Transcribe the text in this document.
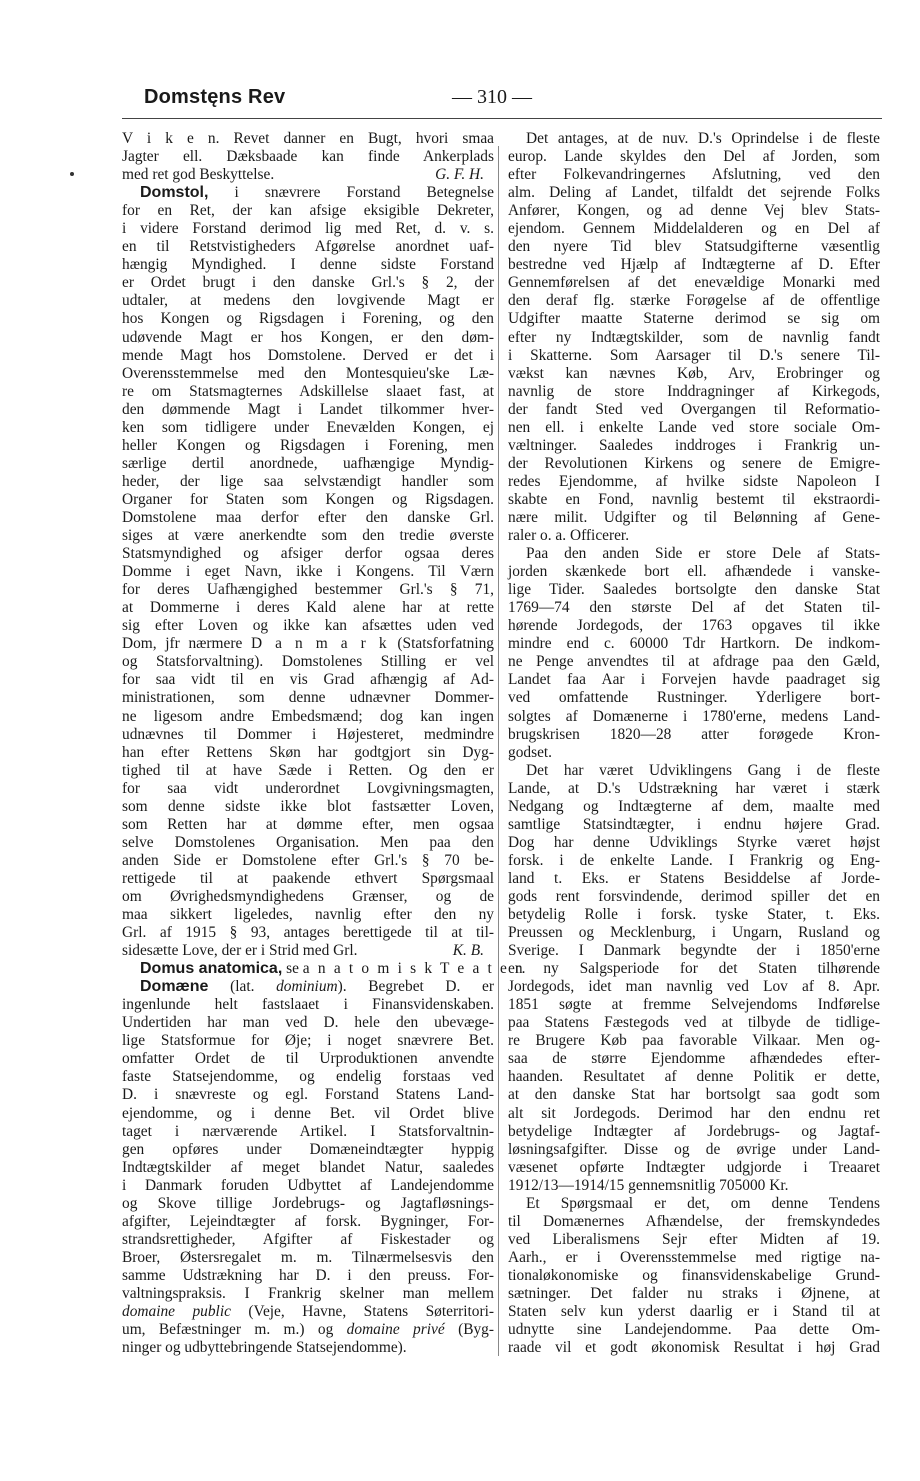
Domstęns Rev	— 310 —
V i k e n. Revet danner en Bugt, hvori smaa
Jagter ell. Dæksbaade kan finde Ankerplads
med ret god Beskyttelse.	G. F. H.
Domstol, i snævrere Forstand Betegnelse
for en Ret, der kan afsige eksigible Dekreter,
i videre Forstand derimod lig med Ret, d. v. s.
en til Retstvistigheders Afgørelse anordnet uaf-
hængig Myndighed. I denne sidste Forstand
er Ordet brugt i den danske Grl.'s § 2, der
udtaler, at medens den lovgivende Magt er
hos Kongen og Rigsdagen i Forening, og den
udøvende Magt er hos Kongen, er den døm-
mende Magt hos Domstolene. Derved er det i
Overensstemmelse med den Montesquieu'ske Læ-
re om Statsmagternes Adskillelse slaaet fast, at
den dømmende Magt i Landet tilkommer hver-
ken som tidligere under Enevælden Kongen, ej
heller Kongen og Rigsdagen i Forening, men
særlige dertil anordnede, uafhængige Myndig-
heder, der lige saa selvstændigt handler som
Organer for Staten som Kongen og Rigsdagen.
Domstolene maa derfor efter den danske Grl.
siges at være anerkendte som den tredie øverste
Statsmyndighed og afsiger derfor ogsaa deres
Domme i eget Navn, ikke i Kongens. Til Værn
for deres Uafhængighed bestemmer Grl.'s § 71,
at Dommerne i deres Kald alene har at rette
sig efter Loven og ikke kan afsættes uden ved
Dom, jfr nærmere D a n m a r k (Statsforfatning
og Statsforvaltning). Domstolenes Stilling er vel
for saa vidt til en vis Grad afhængig af Ad-
ministrationen, som denne udnævner Dommer-
ne ligesom andre Embedsmænd; dog kan ingen
udnævnes til Dommer i Højesteret, medmindre
han efter Rettens Skøn har godtgjort sin Dyg-
tighed til at have Sæde i Retten. Og den er
for saa vidt underordnet Lovgivningsmagten,
som denne sidste ikke blot fastsætter Loven,
som Retten har at dømme efter, men ogsaa
selve Domstolenes Organisation. Men paa den
anden Side er Domstolene efter Grl.'s § 70 be-
rettigede til at paakende ethvert Spørgsmaal
om Øvrighedsmyndighedens Grænser, og de
maa sikkert ligeledes, navnlig efter den ny
Grl. af 1915 § 93, antages berettigede til at til-
sidesætte Love, der er i Strid med Grl.	K. B.
Domus anatomica, se a n a t o m i s k T e a t e r.
Domæne (lat. dominium). Begrebet D. er
ingenlunde helt fastslaaet i Finansvidenskaben.
Undertiden har man ved D. hele den ubevæge-
lige Statsformue for Øje; i noget snævrere Bet.
omfatter Ordet de til Urproduktionen anvendte
faste Statsejendomme, og endelig forstaas ved
D. i snævreste og egl. Forstand Statens Land-
ejendomme, og i denne Bet. vil Ordet blive
taget i nærværende Artikel. I Statsforvaltnin-
gen opføres under Domæneindtægter hyppig
Indtægtskilder af meget blandet Natur, saaledes
i Danmark foruden Udbyttet af Landejendomme
og Skove tillige Jordebrugs- og Jagtafløsnings-
afgifter, Lejeindtægter af forsk. Bygninger, For-
strandsrettigheder, Afgifter af Fiskestader og
Broer, Østersregalet m. m. Tilnærmelsesvis den
samme Udstrækning har D. i den preuss. For-
valtningspraksis. I Frankrig skelner man mellem
domaine public (Veje, Havne, Statens Søterritori-
um, Befæstninger m. m.) og domaine privé (Byg-
ninger og udbyttebringende Statsejendomme).
Det antages, at de nuv. D.'s Oprindelse i de fleste
europ. Lande skyldes den Del af Jorden, som
efter Folkevandringernes Afslutning, ved den
alm. Deling af Landet, tilfaldt det sejrende Folks
Anfører, Kongen, og ad denne Vej blev Stats-
ejendom. Gennem Middelalderen og en Del af
den nyere Tid blev Statsudgifterne væsentlig
bestredne ved Hjælp af Indtægterne af D. Efter
Gennemførelsen af det enevældige Monarki med
den deraf flg. stærke Forøgelse af de offentlige
Udgifter maatte Staterne derimod se sig om
efter ny Indtægtskilder, som de navnlig fandt
i Skatterne. Som Aarsager til D.'s senere Til-
vækst kan nævnes Køb, Arv, Erobringer og
navnlig de store Inddragninger af Kirkegods,
der fandt Sted ved Overgangen til Reformatio-
nen ell. i enkelte Lande ved store sociale Om-
væltninger. Saaledes inddroges i Frankrig un-
der Revolutionen Kirkens og senere de Emigre-
redes Ejendomme, af hvilke sidste Napoleon I
skabte en Fond, navnlig bestemt til ekstraordi-
nære milit. Udgifter og til Belønning af Gene-
raler o. a. Officerer.
Paa den anden Side er store Dele af Stats-
jorden skænkede bort ell. afhændede i vanske-
lige Tider. Saaledes bortsolgte den danske Stat
1769—74 den største Del af det Staten til-
hørende Jordegods, der 1763 opgaves til ikke
mindre end c. 60000 Tdr Hartkorn. De indkom-
ne Penge anvendtes til at afdrage paa den Gæld,
Landet faa Aar i Forvejen havde paadraget sig
ved omfattende Rustninger. Yderligere bort-
solgtes af Domænerne i 1780'erne, medens Land-
brugskrisen 1820—28 atter forøgede Kron-
godset.
Det har været Udviklingens Gang i de fleste
Lande, at D.'s Udstrækning har været i stærk
Nedgang og Indtægterne af dem, maalte med
samtlige Statsindtægter, i endnu højere Grad.
Dog har denne Udviklings Styrke været højst
forsk. i de enkelte Lande. I Frankrig og Eng-
land t. Eks. er Statens Besiddelse af Jorde-
gods rent forsvindende, derimod spiller det en
betydelig Rolle i forsk. tyske Stater, t. Eks.
Preussen og Mecklenburg, i Ungarn, Rusland og
Sverige. I Danmark begyndte der i 1850'erne
en ny Salgsperiode for det Staten tilhørende
Jordegods, idet man navnlig ved Lov af 8. Apr.
1851 søgte at fremme Selvejendoms Indførelse
paa Statens Fæstegods ved at tilbyde de tidlige-
re Brugere Køb paa favorable Vilkaar. Men og-
saa de større Ejendomme afhændedes efter-
haanden. Resultatet af denne Politik er dette,
at den danske Stat har bortsolgt saa godt som
alt sit Jordegods. Derimod har den endnu ret
betydelige Indtægter af Jordebrugs- og Jagtaf-
løsningsafgifter. Disse og de øvrige under Land-
væsenet opførte Indtægter udgjorde i Treaaret
1912/13—1914/15 gennemsnitlig 705000 Kr.
Et Spørgsmaal er det, om denne Tendens
til Domænernes Afhændelse, der fremskyndedes
ved Liberalismens Sejr efter Midten af 19.
Aarh., er i Overensstemmelse med rigtige na-
tionaløkonomiske og finansvidenskabelige Grund-
sætninger. Det falder nu straks i Øjnene, at
Staten selv kun yderst daarlig er i Stand til at
udnytte sine Landejendomme. Paa dette Om-
raade vil et godt økonomisk Resultat i høj Grad
